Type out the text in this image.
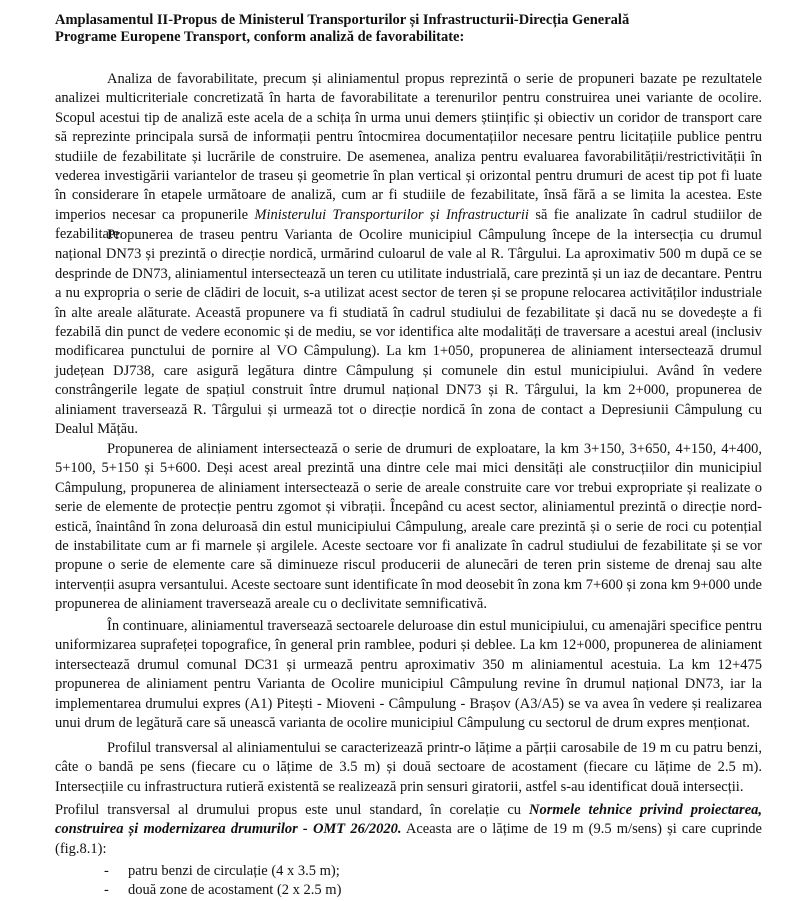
Amplasamentul II-Propus de Ministerul Transporturilor și Infrastructurii-Direcția Generală
Programe Europene Transport, conform analiză de favorabilitate:

Analiza de favorabilitate, precum și aliniamentul propus reprezintă o serie de propuneri bazate pe rezultatele analizei multicriteriale concretizată în harta de favorabilitate a terenurilor pentru construirea unei variante de ocolire. Scopul acestui tip de analiză este acela de a schița în urma unui demers științific și obiectiv un coridor de transport care să reprezinte principala sursă de informații pentru întocmirea documentațiilor necesare pentru licitațiile publice pentru studiile de fezabilitate și lucrările de construire. De asemenea, analiza pentru evaluarea favorabilității/restrictivității în vederea investigării variantelor de traseu și geometrie în plan vertical și orizontal pentru drumuri de acest tip pot fi luate în considerare în etapele următoare de analiză, cum ar fi studiile de fezabilitate, însă fără a se limita la acestea. Este imperios necesar ca propunerile Ministerului Transporturilor și Infrastructurii să fie analizate în cadrul studiilor de fezabilitate.

Propunerea de traseu pentru Varianta de Ocolire municipiul Câmpulung începe de la intersecția cu drumul național DN73 și prezintă o direcție nordică, urmărind culoarul de vale al R. Târgului. La aproximativ 500 m după ce se desprinde de DN73, aliniamentul intersectează un teren cu utilitate industrială, care prezintă și un iaz de decantare. Pentru a nu expropria o serie de clădiri de locuit, s-a utilizat acest sector de teren și se propune relocarea activităților industriale în alte areale alăturate. Această propunere va fi studiată în cadrul studiului de fezabilitate și dacă nu se dovedește a fi fezabilă din punct de vedere economic și de mediu, se vor identifica alte modalități de traversare a acestui areal (inclusiv modificarea punctului de pornire al VO Câmpulung). La km 1+050, propunerea de aliniament intersectează drumul județean DJ738, care asigură legătura dintre Câmpulung și comunele din estul municipiului. Având în vedere constrângerile legate de spațiul construit între drumul național DN73 și R. Târgului, la km 2+000, propunerea de aliniament traversează R. Târgului și urmează tot o direcție nordică în zona de contact a Depresiunii Câmpulung cu Dealul Mățău.

Propunerea de aliniament intersectează o serie de drumuri de exploatare, la km 3+150, 3+650, 4+150, 4+400, 5+100, 5+150 și 5+600. Deși acest areal prezintă una dintre cele mai mici densități ale construcțiilor din municipiul Câmpulung, propunerea de aliniament intersectează o serie de areale construite care vor trebui expropriate și realizate o serie de elemente de protecție pentru zgomot și vibrații. Începând cu acest sector, aliniamentul prezintă o direcție nord-estică, înaintând în zona deluroasă din estul municipiului Câmpulung, areale care prezintă și o serie de roci cu potențial de instabilitate cum ar fi marnele și argilele. Aceste sectoare vor fi analizate în cadrul studiului de fezabilitate și se vor propune o serie de elemente care să diminueze riscul producerii de alunecări de teren prin sisteme de drenaj sau alte intervenții asupra versantului. Aceste sectoare sunt identificate în mod deosebit în zona km 7+600 și zona km 9+000 unde propunerea de aliniament traversează areale cu o declivitate semnificativă.

În continuare, aliniamentul traversează sectoarele deluroase din estul municipiului, cu amenajări specifice pentru uniformizarea suprafeței topografice, în general prin ramblee, poduri și deblee. La km 12+000, propunerea de aliniament intersectează drumul comunal DC31 și urmează pentru aproximativ 350 m aliniamentul acestuia. La km 12+475 propunerea de aliniament pentru Varianta de Ocolire municipiul Câmpulung revine în drumul național DN73, iar la implementarea drumului expres (A1) Pitești - Mioveni - Câmpulung - Brașov (A3/A5) se va avea în vedere și realizarea unui drum de legătură care să unească varianta de ocolire municipiul Câmpulung cu sectorul de drum expres menționat.

Profilul transversal al aliniamentului se caracterizează printr-o lățime a părții carosabile de 19 m cu patru benzi, câte o bandă pe sens (fiecare cu o lățime de 3.5 m) și două sectoare de acostament (fiecare cu lățime de 2.5 m). Intersecțiile cu infrastructura rutieră existentă se realizează prin sensuri giratorii, astfel s-au identificat două intersecții.

Profilul transversal al drumului propus este unul standard, în corelație cu Normele tehnice privind proiectarea, construirea și modernizarea drumurilor - OMT 26/2020. Aceasta are o lățime de 19 m (9.5 m/sens) și care cuprinde (fig.8.1):

- patru benzi de circulație (4 x 3.5 m);
- două zone de acostament (2 x 2.5 m)
